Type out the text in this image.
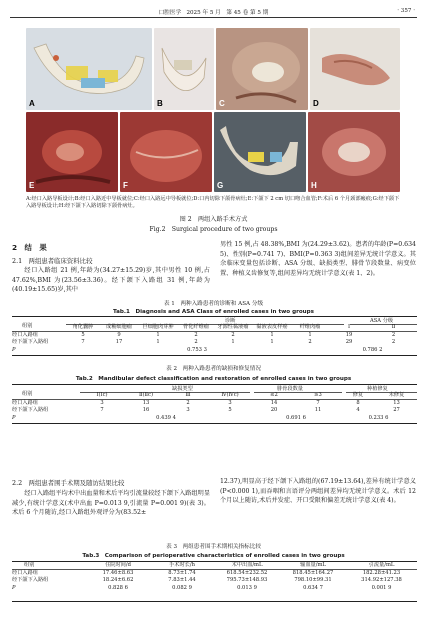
口腔医学 2025 年 5 月　第 45 卷 第 5 期	· 357 ·
A	B	C	D
E	F	G	H
A:经口入路导板设计;B:经口入路近中导板就位;C:经口入路远中导板就位;D:口内切除下颌骨病灶;E:下颌下 2 cm 切口吻合血管;F:术后 6 个月颈部瘢痕;G:经下颌下入路导板设计;H:经下颌下入路切除下颌骨病灶。
图 2　两组入路手术方式
Fig.2　Surgical procedure of two groups
2　结　果
2.1　两组患者临床资料比较
经口入路组 21 例,年龄为(34.27±15.29)岁,其中男性 10 例,占 47.62%,BMI 为(23.56±3.36)。经下颌下入路组 31 例,年龄为(40.19±15.65)岁,其中
男性 15 例,占 48.38%,BMI 为(24.29±3.62)。患者的年龄(P=0.634 5)、性别(P=0.741 7)、BMI(P=0.363 3)组间差异无统计学意义。其余临床变量包括诊断、ASA 分级、缺损类型、腓骨节段数量、病变位置、种植义齿修复等,组间差异均无统计学意义(表 1、2)。
表 1　两种入路患者的诊断和 ASA 分级
Tab.1　Diagnosis and ASA Class of enrolled cases in two groups
组别
诊断	ASA 分级
	角化囊肿	成釉细胞瘤	巨细胞肉芽肿	骨化纤维瘤	牙源性黏液瘤	黏液表皮样癌	纤维肉瘤	Ⅰ	Ⅱ
经口入路组	5	9	1	2	2	1	1	19	2
经下颌下入路组	7	17	1	2	1	1	2	29	2
P	0.753 3							0.786 2	
表 2　两种入路患者的缺损和修复情况
Tab.2　Mandibular defect classification and restoration of enrolled cases in two groups
组别
缺损类型	腓骨段数量	种植修复
	Ⅰ(Ⅰc)	Ⅱ(Ⅱc)	Ⅲ	Ⅳ(Ⅳc)	≤2	≥3	修复	未修复
经口入路组	3	13	2	3	14	7	8	13
经下颌下入路组	7	16	3	5	20	11	4	27
P	0.439 4				0.691 6		0.233 6	
2.2　两组患者围手术期及随访结果比较
经口入路组平均术中出血量和术后平均引流量较经下颌下入路组明显减少,有统计学意义(术中出血 P=0.013 9,引流量 P=0.001 9)(表 3)。术后 6 个月随访,经口入路组外观评分为(83.52±
12.37),明显高于经下颌下入路组的(67.19±13.64),差异有统计学意义(P<0.000 1),而吞咽和言语评分两组间差异均无统计学意义。术后 12 个月以上随访,术后并发症、开口受限和偏差无统计学意义(表 4)。
表 3　两组患者围手术期相关指标比较
Tab.3　Comparison of perioperative characteristics of enrolled cases in two groups
组别	住院时间/d	手术时长/h	术中出血/mL	输血量/mL	引流量/mL
经口入路组	17.46±8.63	8.73±1.74	618.54±232.52	818.45±164.27	182.28±41.23
经下颌下入路组	18.24±6.62	7.83±1.44	795.73±148.93	798.10±99.31	314.92±127.38
P	0.828 6	0.082 9	0.013 9	0.634 7	0.001 9
